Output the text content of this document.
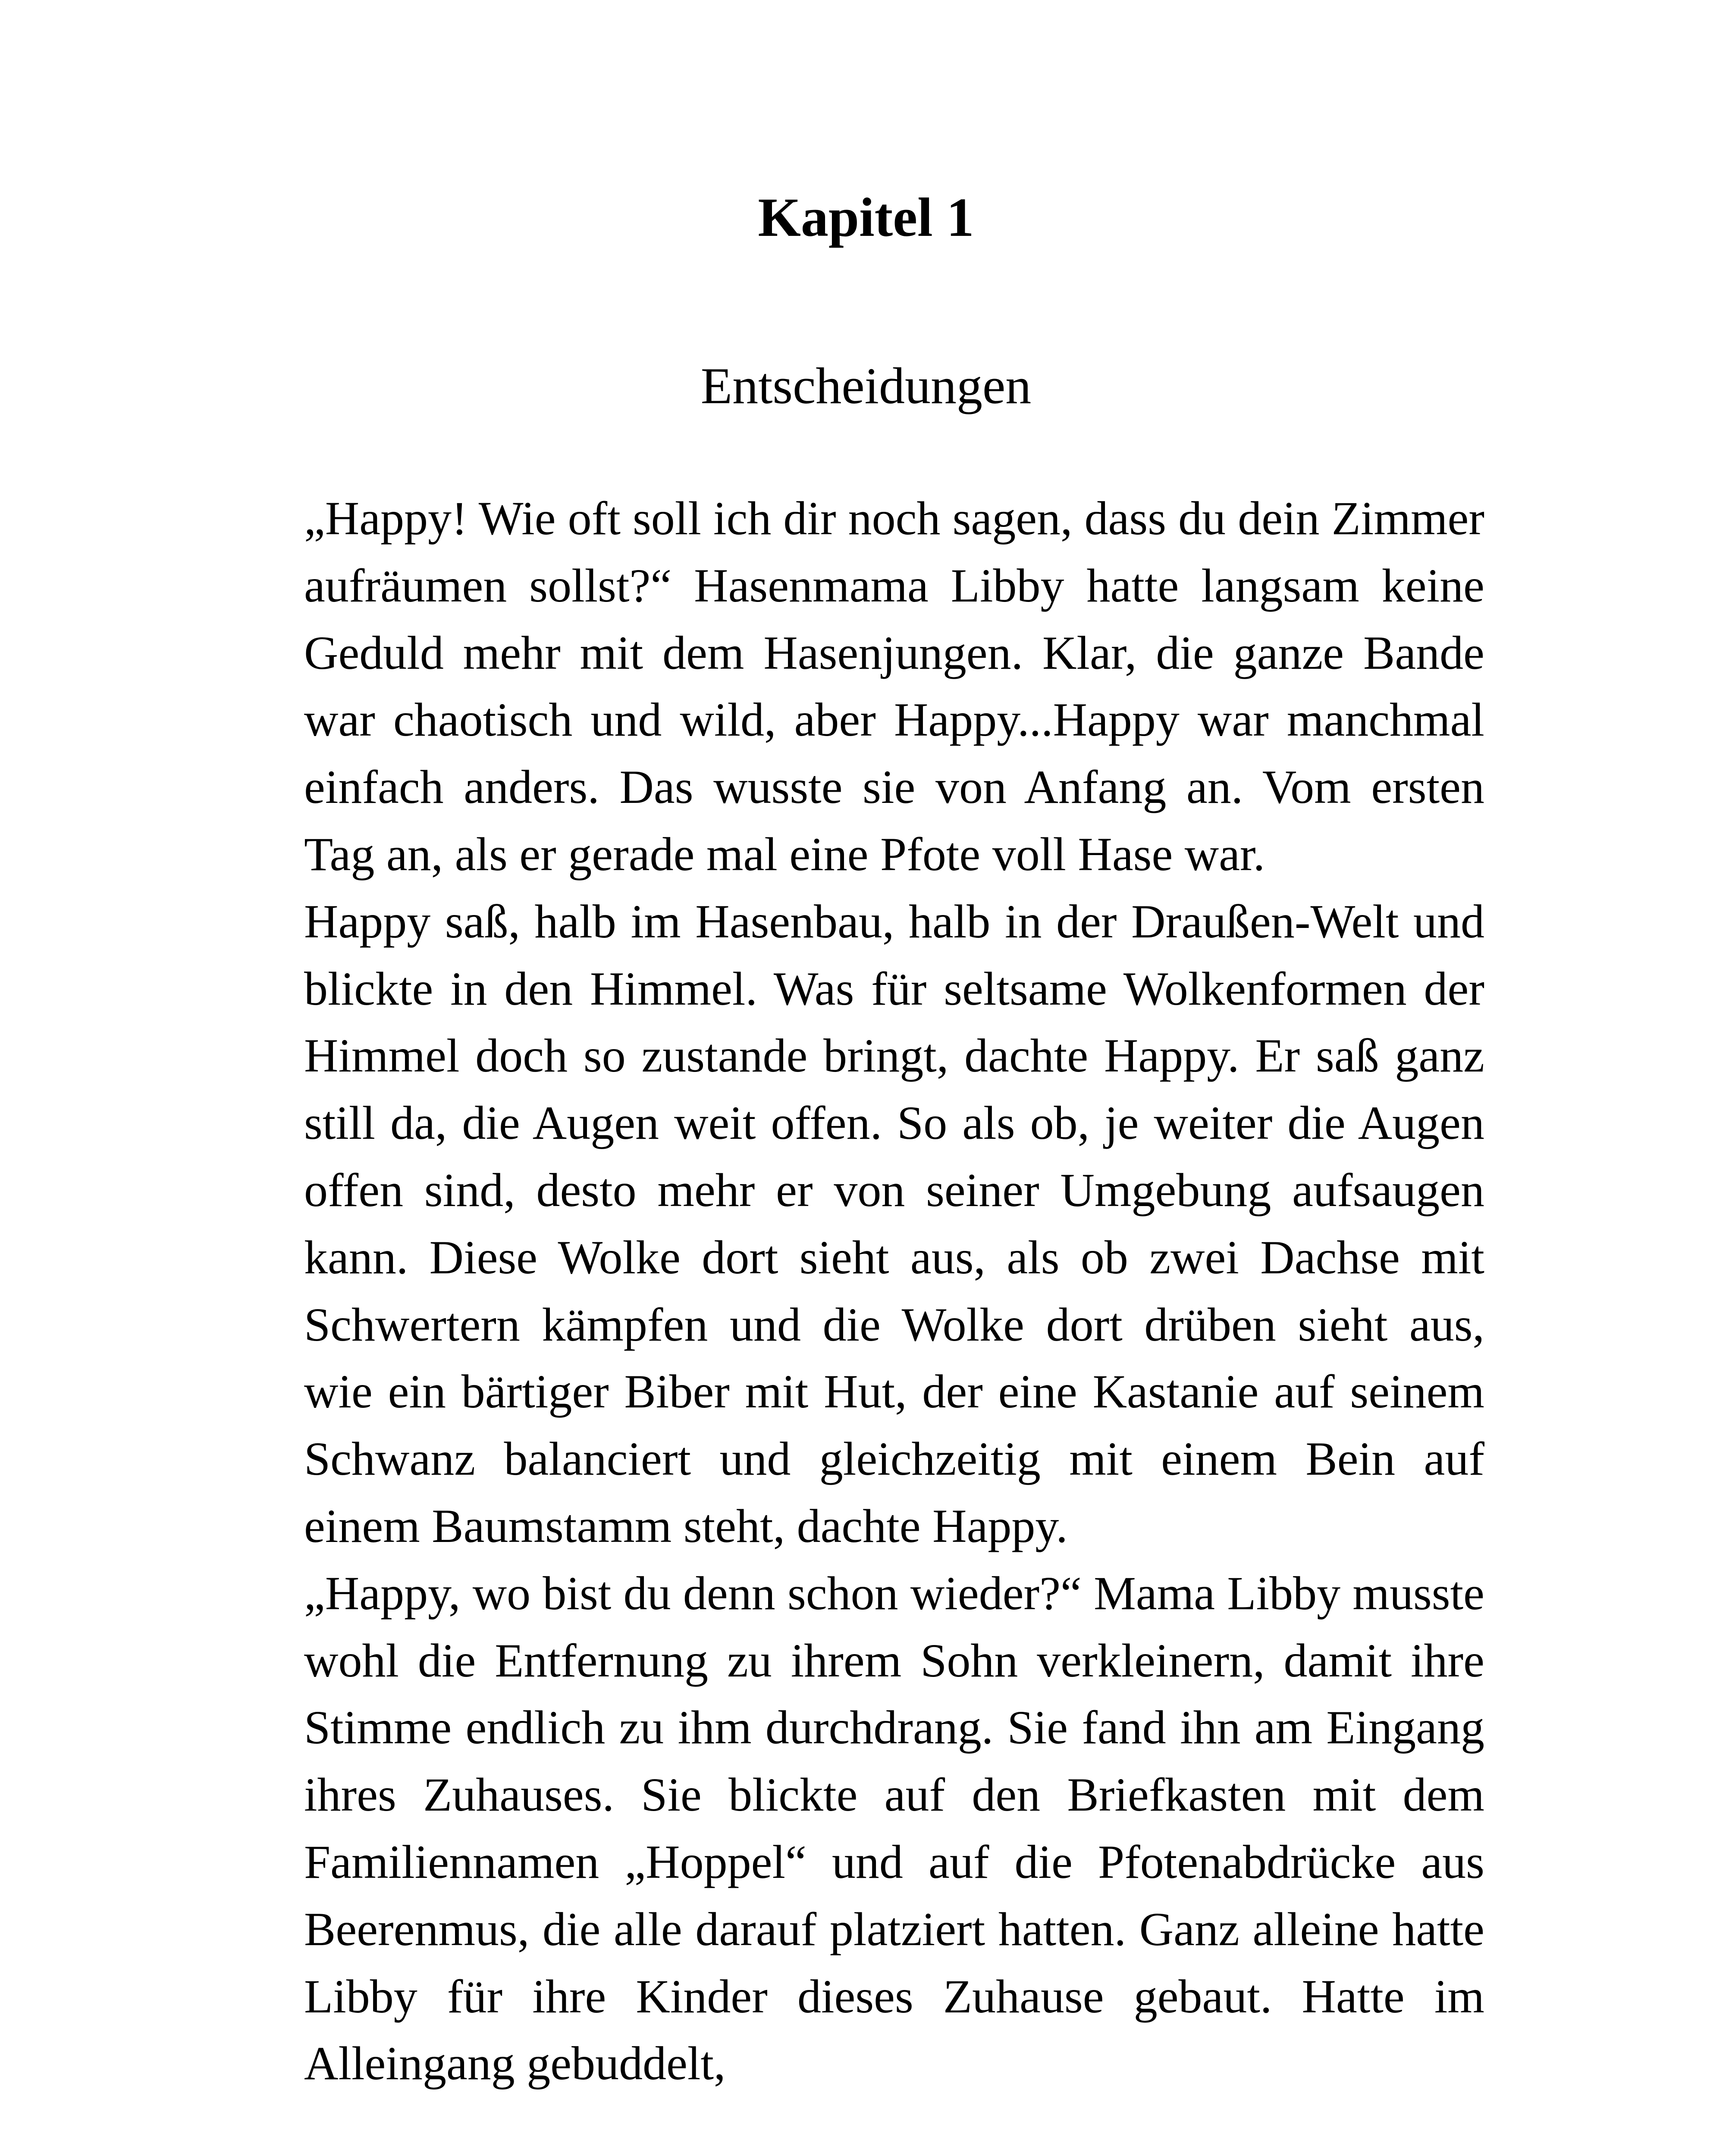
Kapitel 1
Entscheidungen

„Happy! Wie oft soll ich dir noch sagen, dass du dein Zimmer aufräumen sollst?“ Hasenmama Libby hatte langsam keine Geduld mehr mit dem Hasenjungen. Klar, die ganze Bande war chaotisch und wild, aber Happy...Happy war manchmal einfach anders. Das wusste sie von Anfang an. Vom ersten Tag an, als er gerade mal eine Pfote voll Hase war.

Happy saß, halb im Hasenbau, halb in der Draußen-Welt und blickte in den Himmel. Was für seltsame Wolkenformen der Himmel doch so zustande bringt, dachte Happy. Er saß ganz still da, die Augen weit offen. So als ob, je weiter die Augen offen sind, desto mehr er von seiner Umgebung aufsaugen kann. Diese Wolke dort sieht aus, als ob zwei Dachse mit Schwertern kämpfen und die Wolke dort drüben sieht aus, wie ein bärtiger Biber mit Hut, der eine Kastanie auf seinem Schwanz balanciert und gleichzeitig mit einem Bein auf einem Baumstamm steht, dachte Happy.

„Happy, wo bist du denn schon wieder?“ Mama Libby musste wohl die Entfernung zu ihrem Sohn verkleinern, damit ihre Stimme endlich zu ihm durchdrang. Sie fand ihn am Eingang ihres Zuhauses. Sie blickte auf den Briefkasten mit dem Familiennamen „Hoppel“ und auf die Pfotenabdrücke aus Beerenmus, die alle darauf platziert hatten. Ganz alleine hatte Libby für ihre Kinder dieses Zuhause gebaut. Hatte im Alleingang gebuddelt,
